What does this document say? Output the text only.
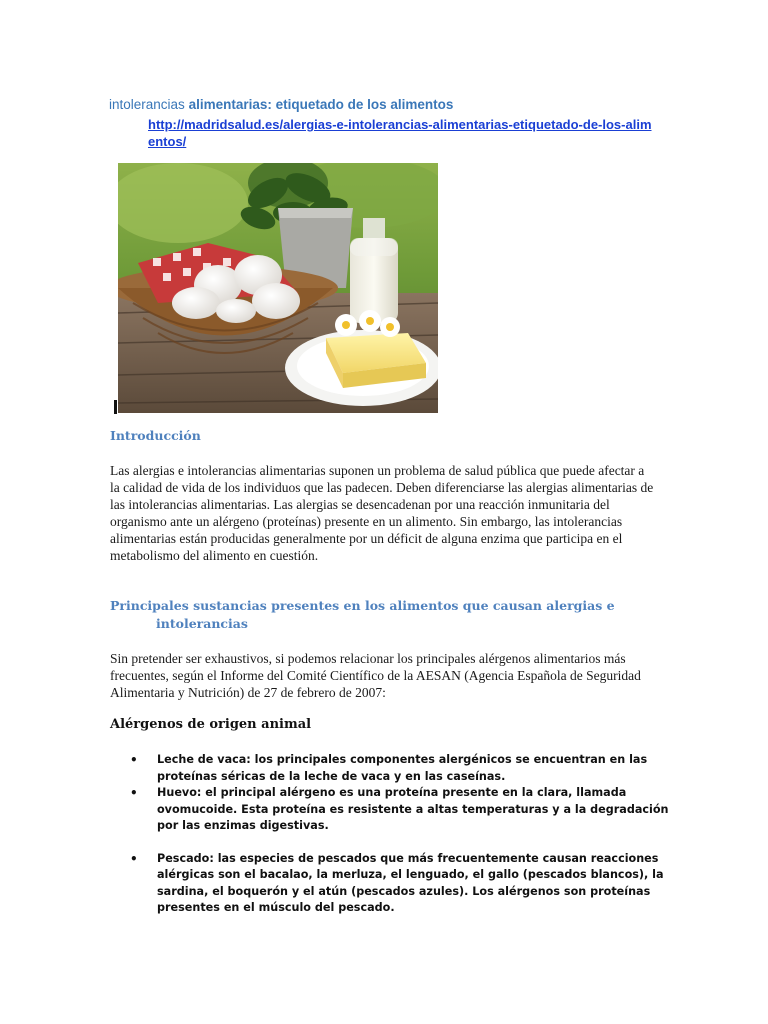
intolerancias alimentarias: etiquetado de los alimentos
http://madridsalud.es/alergias-e-intolerancias-alimentarias-etiquetado-de-los-alimentos/
Introducción
Las alergias e intolerancias alimentarias suponen un problema de salud pública que puede afectar a la calidad de vida de los individuos que las padecen. Deben diferenciarse las alergias alimentarias de las intolerancias alimentarias. Las alergias se desencadenan por una reacción inmunitaria del organismo ante un alérgeno (proteínas) presente en un alimento. Sin embargo, las intolerancias alimentarias están producidas generalmente por un déficit de alguna enzima que participa en el metabolismo del alimento en cuestión.
Principales sustancias presentes en los alimentos que causan alergias e
intolerancias
Sin pretender ser exhaustivos, si podemos relacionar los principales alérgenos alimentarios más frecuentes, según el Informe del Comité Científico de la AESAN (Agencia Española de Seguridad Alimentaria y Nutrición) de 27 de febrero de 2007:
Alérgenos de origen animal
• Leche de vaca: los principales componentes alergénicos se encuentran en las proteínas séricas de la leche de vaca y en las caseínas.
• Huevo: el principal alérgeno es una proteína presente en la clara, llamada ovomucoide. Esta proteína es resistente a altas temperaturas y a la degradación por las enzimas digestivas.
• Pescado: las especies de pescados que más frecuentemente causan reacciones alérgicas son el bacalao, la merluza, el lenguado, el gallo (pescados blancos), la sardina, el boquerón y el atún (pescados azules). Los alérgenos son proteínas presentes en el músculo del pescado.
